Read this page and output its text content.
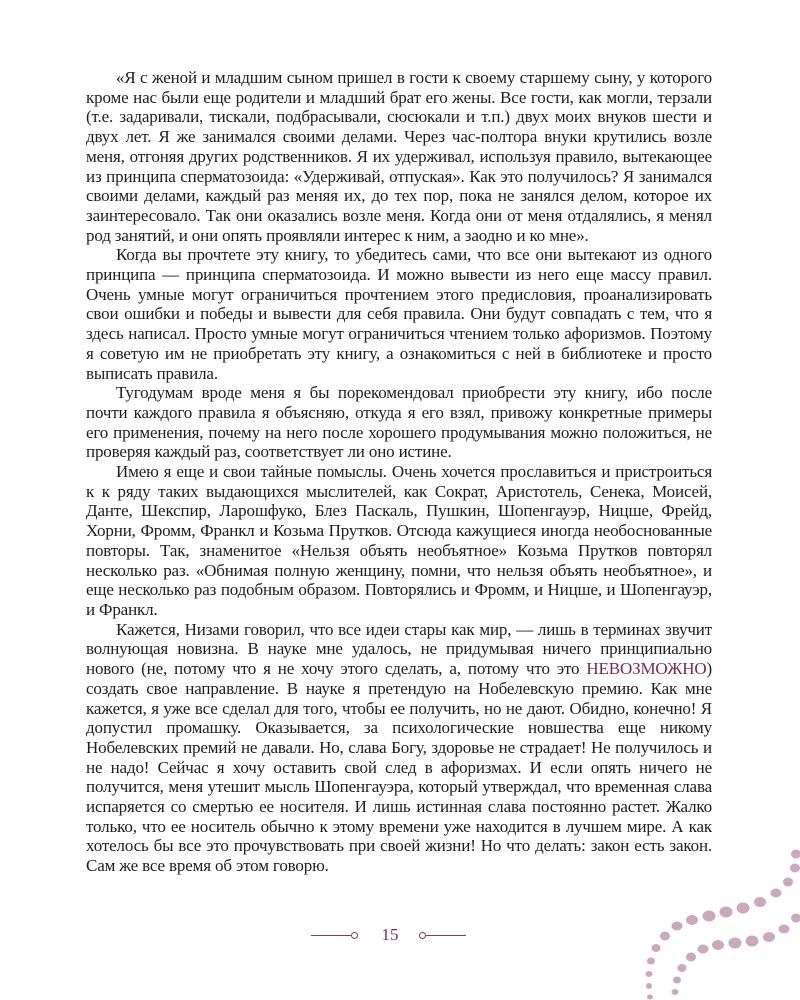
«Я с женой и младшим сыном пришел в гости к своему старшему сыну, у которого кроме нас были еще родители и младший брат его жены. Все гости, как могли, терзали (т.е. задаривали, тискали, подбрасывали, сюсюкали и т.п.) двух моих внуков шести и двух лет. Я же занимался своими делами. Через час-полтора внуки крутились возле меня, отгоняя других родственников. Я их удерживал, используя правило, вытекающее из принципа сперматозоида: «Удерживай, отпуская». Как это получилось? Я занимался своими делами, каждый раз меняя их, до тех пор, пока не занялся делом, которое их заинтересовало. Так они оказались возле меня. Когда они от меня отдалялись, я менял род занятий, и они опять проявляли интерес к ним, а заодно и ко мне».

Когда вы прочтете эту книгу, то убедитесь сами, что все они вытекают из одного принципа — принципа сперматозоида. И можно вывести из него еще массу правил. Очень умные могут ограничиться прочтением этого предисловия, проанализировать свои ошибки и победы и вывести для себя правила. Они будут совпадать с тем, что я здесь написал. Просто умные могут ограничиться чтением только афоризмов. Поэтому я советую им не приобретать эту книгу, а ознакомиться с ней в библиотеке и просто выписать правила.

Тугодумам вроде меня я бы порекомендовал приобрести эту книгу, ибо после почти каждого правила я объясняю, откуда я его взял, привожу конкретные примеры его применения, почему на него после хорошего продумывания можно положиться, не проверяя каждый раз, соответствует ли оно истине.

Имею я еще и свои тайные помыслы. Очень хочется прославиться и пристроиться к к ряду таких выдающихся мыслителей, как Сократ, Аристотель, Сенека, Моисей, Данте, Шекспир, Ларошфуко, Блез Паскаль, Пушкин, Шопенгауэр, Ницше, Фрейд, Хорни, Фромм, Франкл и Козьма Прутков. Отсюда кажущиеся иногда необоснованные повторы. Так, знаменитое «Нельзя объять необъятное» Козьма Прутков повторял несколько раз. «Обнимая полную женщину, помни, что нельзя объять необъятное», и еще несколько раз подобным образом. Повторялись и Фромм, и Ницше, и Шопенгауэр, и Франкл.

Кажется, Низами говорил, что все идеи стары как мир, — лишь в терминах звучит волнующая новизна. В науке мне удалось, не придумывая ничего принципиально нового (не, потому что я не хочу этого сделать, а, потому что это НЕВОЗМОЖНО) создать свое направление. В науке я претендую на Нобелевскую премию. Как мне кажется, я уже все сделал для того, чтобы ее получить, но не дают. Обидно, конечно! Я допустил промашку. Оказывается, за психологические новшества еще никому Нобелевских премий не давали. Но, слава Богу, здоровье не страдает! Не получилось и не надо! Сейчас я хочу оставить свой след в афоризмах. И если опять ничего не получится, меня утешит мысль Шопенгауэра, который утверждал, что временная слава испаряется со смертью ее носителя. И лишь истинная слава постоянно растет. Жалко только, что ее носитель обычно к этому времени уже находится в лучшем мире. А как хотелось бы все это прочувствовать при своей жизни! Но что делать: закон есть закон. Сам же все время об этом говорю.

15
